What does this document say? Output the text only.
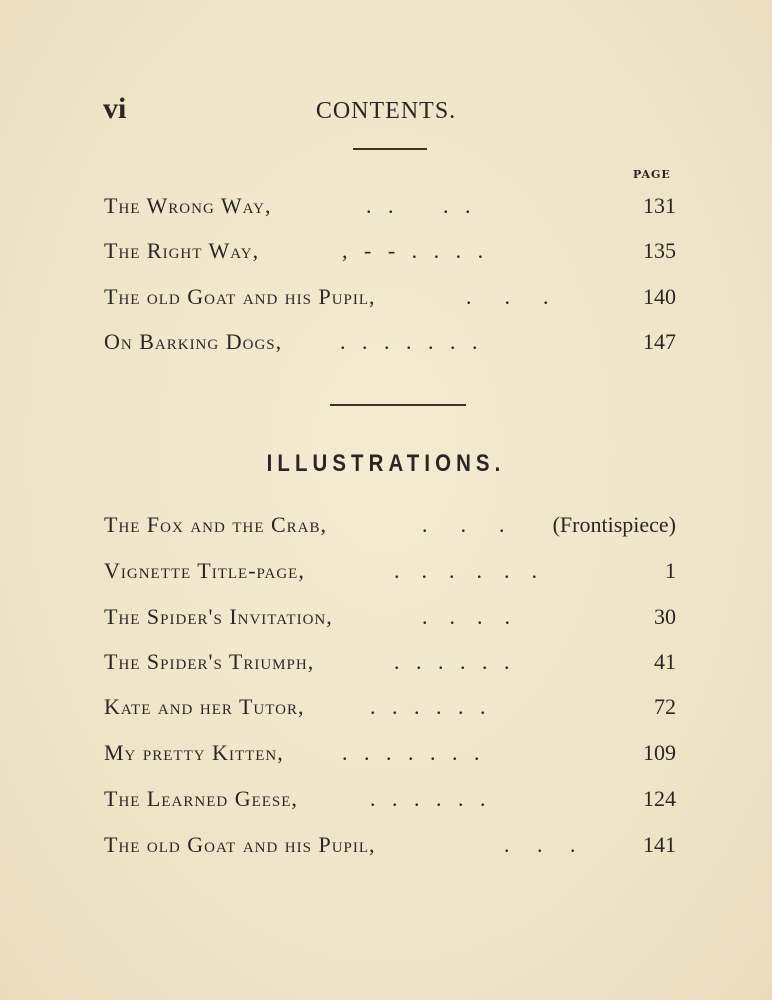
vi	CONTENTS.
PAGE
The Wrong Way,	.   .         .   .	131
The Right Way,	,   -   -   .   .   .   .	135
The old Goat and his Pupil,	.      .      .	140
On Barking Dogs,	.   .   .   .   .   .   .	147
ILLUSTRATIONS.
The Fox and the Crab,	.      .      . (Frontispiece)
Vignette Title-page,	.    .    .    .    .    .	1
The Spider's Invitation,	.    .    .    .	30
The Spider's Triumph,	.   .   .   .   .   .	41
Kate and her Tutor,	.   .   .   .   .   .	72
My pretty Kitten,	.   .   .   .   .   .   .	109
The Learned Geese,	.   .   .   .   .   .	124
The old Goat and his Pupil,	.     .     .	141
